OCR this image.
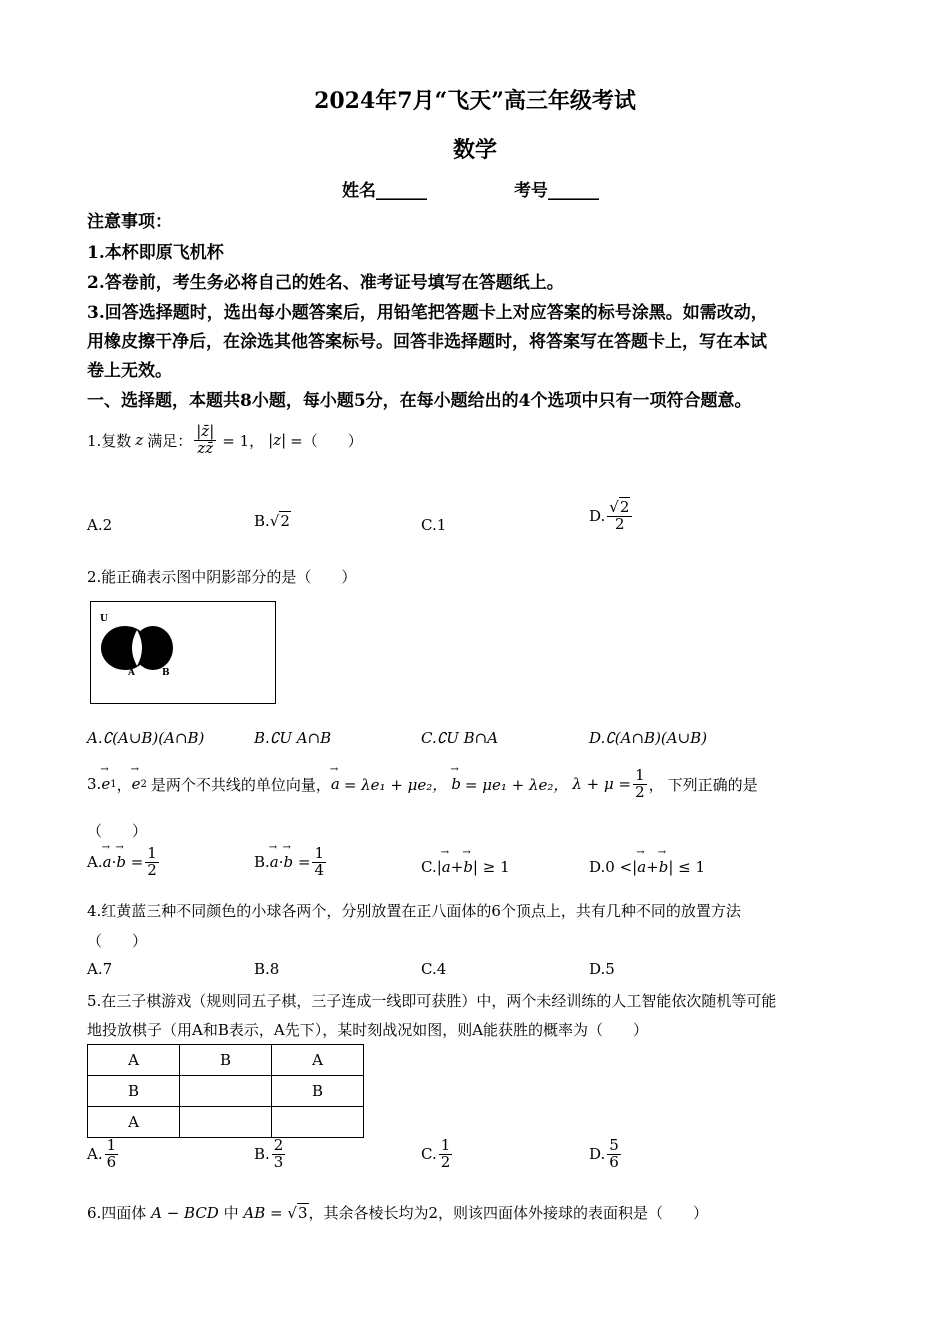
2024年7月“飞天”高三年级考试
数学
姓名______	考号______
注意事项：
1.本杯即原飞机杯
2.答卷前，考生务必将自己的姓名、准考证号填写在答题纸上。
3.回答选择题时，选出每小题答案后，用铅笔把答题卡上对应答案的标号涂黑。如需改动，
用橡皮擦干净后，在涂选其他答案标号。回答非选择题时，将答案写在答题卡上，写在本试
卷上无效。
一、选择题，本题共8小题，每小题5分，在每小题给出的4个选项中只有一项符合题意。
1.复数 z 满足： $\frac{|z̄|}{zz̄} = 1$， |z| =（　　）
A.2	B.√2	C.1	D. $\frac{√2}{2}$
2.能正确表示图中阴影部分的是（　　）
U
A	B
A.∁(A∪B)(A∩B)	B.∁U A∩B	C.∁U B∩A	D.∁(A∩B)(A∪B)
3. → e 1 ， → e 2 是两个不共线的单位向量， → a = λe₁ + μe₂， → b = μe₁ + λe₂， $\lambda + \mu = \frac{1}{2}$ ， 下列正确的是
（　　）
A. → a · → $b = \frac{1}{2}$	B. → a · → $b = \frac{1}{4}$	C.|→ a+→ b| ≥ 1	D.0 <|→ a+→ b| ≤ 1
4.红黄蓝三种不同颜色的小球各两个，分别放置在正八面体的6个顶点上，共有几种不同的放置方法
（　　）
A.7	B.8	C.4	D.5
5.在三子棋游戏（规则同五子棋，三子连成一线即可获胜）中，两个未经训练的人工智能依次随机等可能
地投放棋子（用A和B表示，A先下），某时刻战况如图，则A能获胜的概率为（　　）
A	B	A
B		B
A		
A. $\frac{1}{6}$	B. $\frac{2}{3}$	C. $\frac{1}{2}$	D. $\frac{5}{6}$
6.四面体 A − BCD 中 AB = √3，其余各棱长均为2，则该四面体外接球的表面积是（　　）
